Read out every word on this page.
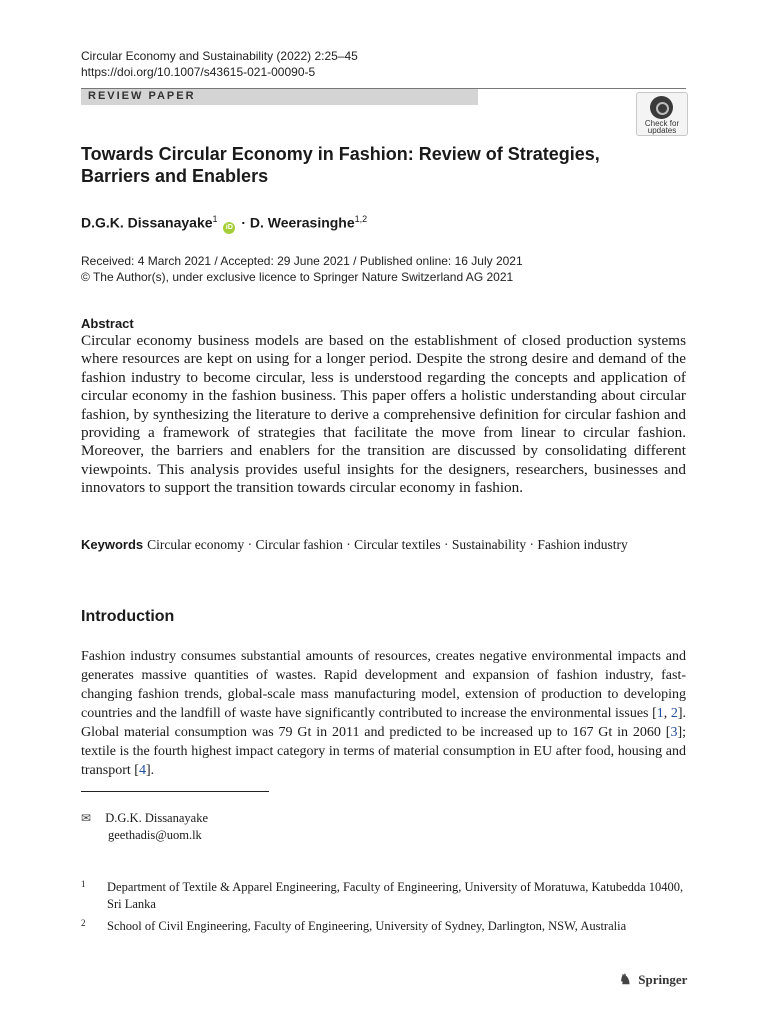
Circular Economy and Sustainability (2022) 2:25–45
https://doi.org/10.1007/s43615-021-00090-5
REVIEW PAPER
Check for updates
Towards Circular Economy in Fashion: Review of Strategies, Barriers and Enablers
D.G.K. Dissanayake$^1$ iD · D. Weerasinghe$^{1,2}$
Received: 4 March 2021 / Accepted: 29 June 2021 / Published online: 16 July 2021
© The Author(s), under exclusive licence to Springer Nature Switzerland AG 2021
Abstract

Circular economy business models are based on the establishment of closed production systems where resources are kept on using for a longer period. Despite the strong desire and demand of the fashion industry to become circular, less is understood regarding the concepts and application of circular economy in the fashion business. This paper offers a holistic understanding about circular fashion, by synthesizing the literature to derive a comprehensive definition for circular fashion and providing a framework of strategies that facilitate the move from linear to circular fashion. Moreover, the barriers and enablers for the transition are discussed by consolidating different viewpoints. This analysis provides useful insights for the designers, researchers, businesses and innovators to support the transition towards circular economy in fashion.

Keywords Circular economy · Circular fashion · Circular textiles · Sustainability · Fashion industry

Introduction

Fashion industry consumes substantial amounts of resources, creates negative environmental impacts and generates massive quantities of wastes. Rapid development and expansion of fashion industry, fast-changing fashion trends, global-scale mass manufacturing model, extension of production to developing countries and the landfill of waste have significantly contributed to increase the environmental issues [1, 2]. Global material consumption was 79 Gt in 2011 and predicted to be increased up to 167 Gt in 2060 [3]; textile is the fourth highest impact category in terms of material consumption in EU after food, housing and transport [4].

✉ D.G.K. Dissanayake
geethadis@uom.lk
1 Department of Textile & Apparel Engineering, Faculty of Engineering, University of Moratuwa, Katubedda 10400, Sri Lanka
2 School of Civil Engineering, Faculty of Engineering, University of Sydney, Darlington, NSW, Australia
♞ Springer
